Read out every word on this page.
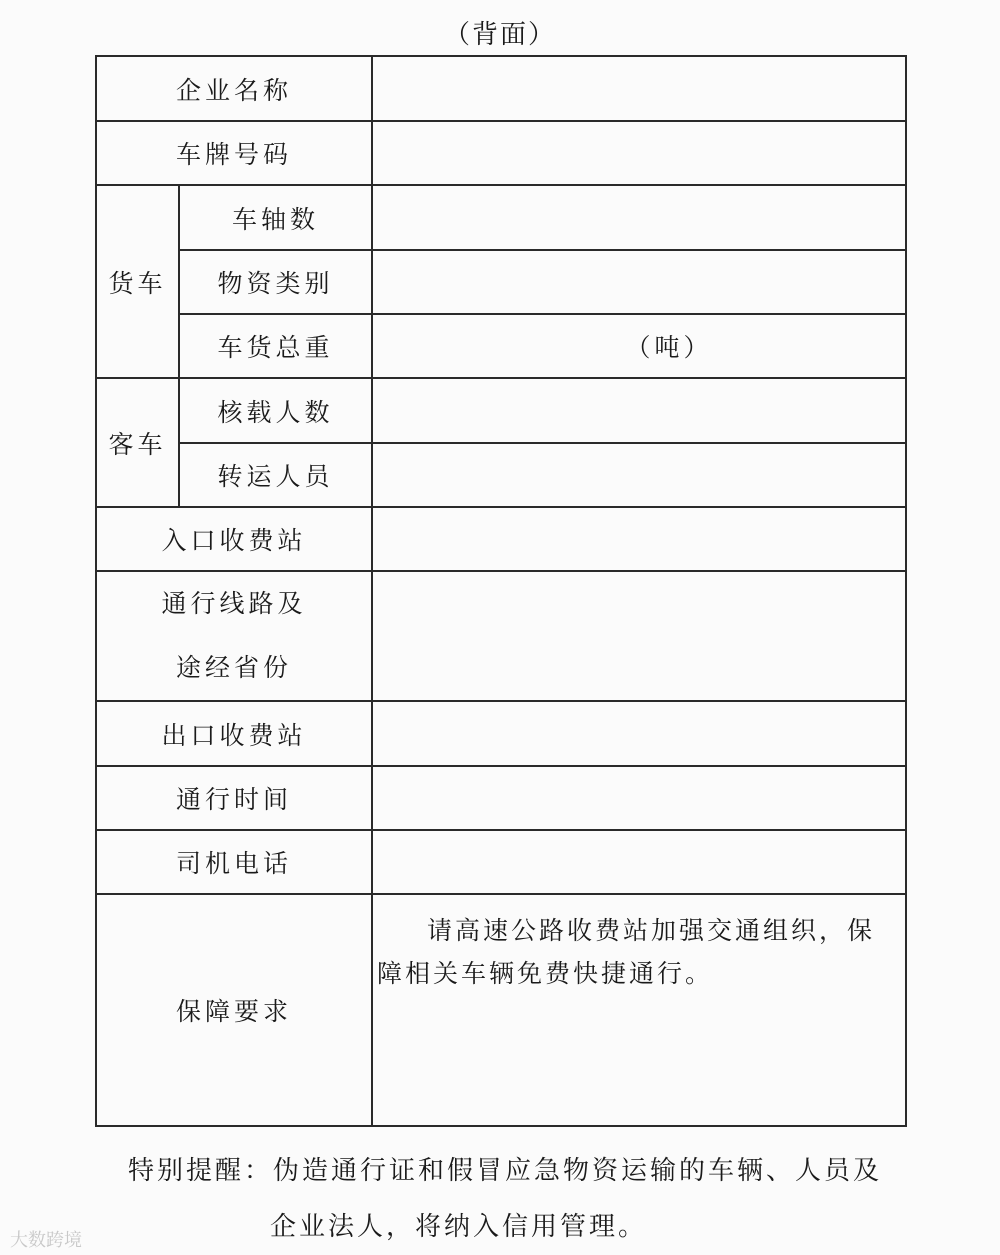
（背面）
企业名称		
车牌号码		
货车	车轴数	
	物资类别	
	车货总重	（吨）
客车	核载人数	
	转运人员	
入口收费站		

通行线路及
途经省份		

出口收费站		
通行时间		
司机电话		
保障要求		请高速公路收费站加强交通组织，保障相关车辆免费快捷通行。

特别提醒：伪造通行证和假冒应急物资运输的车辆、人员及
企业法人，将纳入信用管理。
大数跨境
